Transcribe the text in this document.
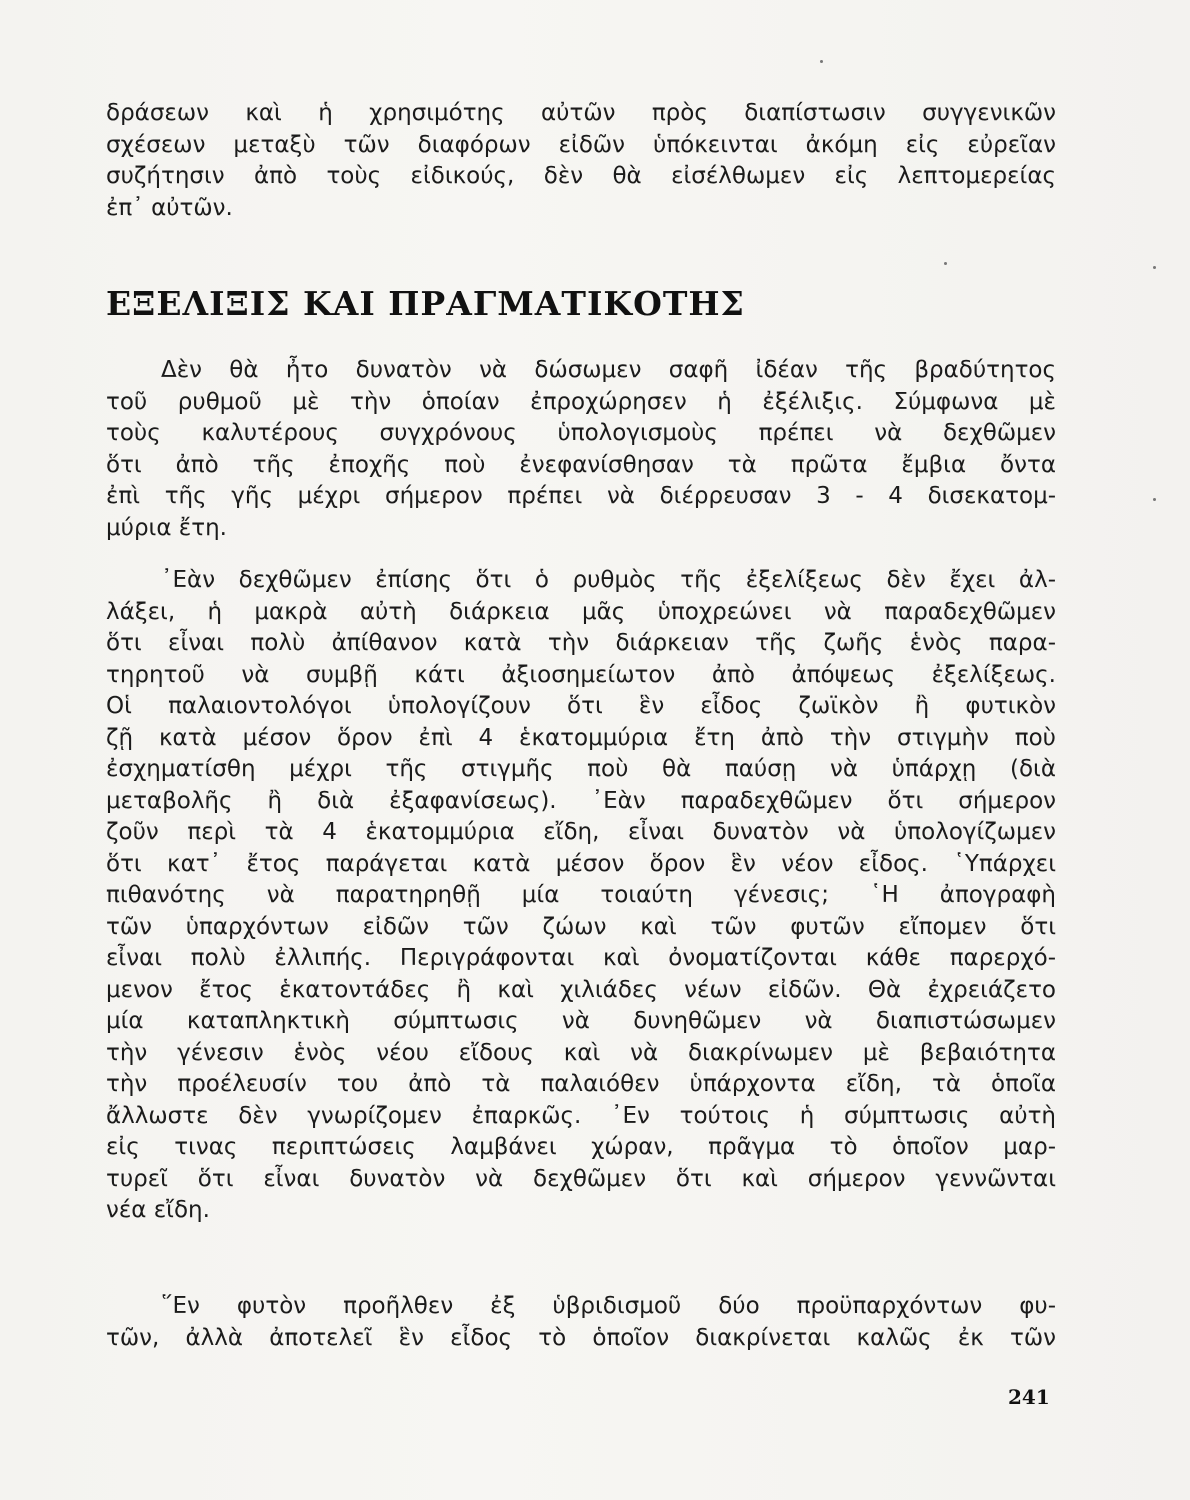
δράσεων καὶ ἡ χρησιμότης αὐτῶν πρὸς διαπίστωσιν συγγενικῶν
σχέσεων μεταξὺ τῶν διαφόρων εἰδῶν ὑπόκεινται ἀκόμη εἰς εὐρεῖαν
συζήτησιν ἀπὸ τοὺς εἰδικούς, δὲν θὰ εἰσέλθωμεν εἰς λεπτομερείας
ἐπ᾽ αὐτῶν.
ΕΞΕΛΙΞΙΣ ΚΑΙ ΠΡΑΓΜΑΤΙΚΟΤΗΣ
Δὲν θὰ ἦτο δυνατὸν νὰ δώσωμεν σαφῆ ἰδέαν τῆς βραδύτητος
τοῦ ρυθμοῦ μὲ τὴν ὁποίαν ἐπροχώρησεν ἡ ἐξέλιξις. Σύμφωνα μὲ
τοὺς καλυτέρους συγχρόνους ὑπολογισμοὺς πρέπει νὰ δεχθῶμεν
ὅτι ἀπὸ τῆς ἐποχῆς ποὺ ἐνεφανίσθησαν τὰ πρῶτα ἔμβια ὄντα
ἐπὶ τῆς γῆς μέχρι σήμερον πρέπει νὰ διέρρευσαν 3 - 4 δισεκατομ-
μύρια ἔτη.
᾽Εὰν δεχθῶμεν ἐπίσης ὅτι ὁ ρυθμὸς τῆς ἐξελίξεως δὲν ἔχει ἀλ-
λάξει, ἡ μακρὰ αὐτὴ διάρκεια μᾶς ὑποχρεώνει νὰ παραδεχθῶμεν
ὅτι εἶναι πολὺ ἀπίθανον κατὰ τὴν διάρκειαν τῆς ζωῆς ἑνὸς παρα-
τηρητοῦ νὰ συμβῇ κάτι ἀξιοσημείωτον ἀπὸ ἀπόψεως ἐξελίξεως.
Οἱ παλαιοντολόγοι ὑπολογίζουν ὅτι ἓν εἶδος ζωϊκὸν ἢ φυτικὸν
ζῇ κατὰ μέσον ὅρον ἐπὶ 4 ἑκατομμύρια ἔτη ἀπὸ τὴν στιγμὴν ποὺ
ἐσχηματίσθη μέχρι τῆς στιγμῆς ποὺ θὰ παύσῃ νὰ ὑπάρχῃ (διὰ
μεταβολῆς ἢ διὰ ἐξαφανίσεως). ᾽Εὰν παραδεχθῶμεν ὅτι σήμερον
ζοῦν περὶ τὰ 4 ἑκατομμύρια εἴδη, εἶναι δυνατὸν νὰ ὑπολογίζωμεν
ὅτι κατ᾽ ἔτος παράγεται κατὰ μέσον ὅρον ἓν νέον εἶδος. ῾Υπάρχει
πιθανότης νὰ παρατηρηθῇ μία τοιαύτη γένεσις; ῾Η ἀπογραφὴ
τῶν ὑπαρχόντων εἰδῶν τῶν ζώων καὶ τῶν φυτῶν εἴπομεν ὅτι
εἶναι πολὺ ἐλλιπής. Περιγράφονται καὶ ὀνοματίζονται κάθε παρερχό-
μενον ἔτος ἑκατοντάδες ἢ καὶ χιλιάδες νέων εἰδῶν. Θὰ ἐχρειάζετο
μία καταπληκτικὴ σύμπτωσις νὰ δυνηθῶμεν νὰ διαπιστώσωμεν
τὴν γένεσιν ἑνὸς νέου εἴδους καὶ νὰ διακρίνωμεν μὲ βεβαιότητα
τὴν προέλευσίν του ἀπὸ τὰ παλαιόθεν ὑπάρχοντα εἴδη, τὰ ὁποῖα
ἄλλωστε δὲν γνωρίζομεν ἐπαρκῶς. ᾽Εν τούτοις ἡ σύμπτωσις αὐτὴ
εἰς τινας περιπτώσεις λαμβάνει χώραν, πρᾶγμα τὸ ὁποῖον μαρ-
τυρεῖ ὅτι εἶναι δυνατὸν νὰ δεχθῶμεν ὅτι καὶ σήμερον γεννῶνται
νέα εἴδη.
῞Εν φυτὸν προῆλθεν ἐξ ὑβριδισμοῦ δύο προϋπαρχόντων φυ-
τῶν, ἀλλὰ ἀποτελεῖ ἓν εἶδος τὸ ὁποῖον διακρίνεται καλῶς ἐκ τῶν
241
